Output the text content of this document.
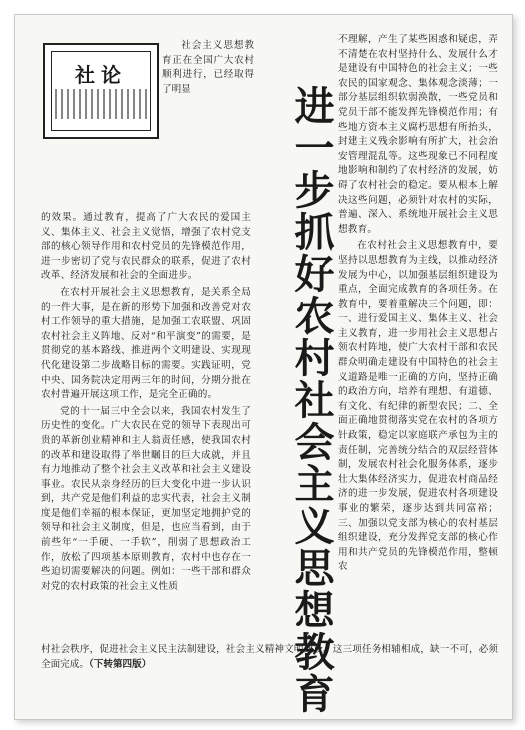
社论
社会主义思想教育正在全国广大农村顺利进行，已经取得了明显	进一步抓好农村社会主义思想教育

的效果。通过教育，提高了广大农民的爱国主义、集体主义、社会主义觉悟，增强了农村党支部的核心领导作用和农村党员的先锋模范作用，进一步密切了党与农民群众的联系，促进了农村改革、经济发展和社会的全面进步。

在农村开展社会主义思想教育，是关系全局的一件大事，是在新的形势下加强和改善党对农村工作领导的重大措施，是加强工农联盟、巩固农村社会主义阵地、反对“和平演变”的需要，是贯彻党的基本路线、推进两个文明建设、实现现代化建设第二步战略目标的需要。实践证明，党中央、国务院决定用两三年的时间，分期分批在农村普遍开展这项工作，是完全正确的。

党的十一届三中全会以来，我国农村发生了历史性的变化。广大农民在党的领导下表现出可贵的革新创业精神和主人翁责任感，使我国农村的改革和建设取得了举世瞩目的巨大成就，并且有力地推动了整个社会主义改革和社会主义建设事业。农民从亲身经历的巨大变化中进一步认识到，共产党是他们利益的忠实代表，社会主义制度是他们幸福的根本保证，更加坚定地拥护党的领导和社会主义制度，但是，也应当看到，由于前些年“一手硬、一手软”，削弱了思想政治工作，放松了四项基本原则教育，农村中也存在一些迫切需要解决的问题。例如：一些干部和群众对党的农村政策的社会主义性质

不理解，产生了某些困惑和疑虑，弄不清楚在农村坚持什么、发展什么才是建设有中国特色的社会主义；一些农民的国家观念、集体观念淡薄；一部分基层组织软弱涣散，一些党员和党员干部不能发挥先锋模范作用；有些地方资本主义腐朽思想有所抬头，封建主义残余影响有所扩大，社会治安管理混乱等。这些现象已不同程度地影响和制约了农村经济的发展，妨碍了农村社会的稳定。要从根本上解决这些问题，必须针对农村的实际，普遍、深入、系统地开展社会主义思想教育。

在农村社会主义思想教育中，要坚持以思想教育为主线，以推动经济发展为中心，以加强基层组织建设为重点，全面完成教育的各项任务。在教育中，要着重解决三个问题，即：一、进行爱国主义、集体主义、社会主义教育，进一步用社会主义思想占领农村阵地，使广大农村干部和农民群众明确走建设有中国特色的社会主义道路是唯一正确的方向，坚持正确的政治方向，培养有理想、有道德、有文化、有纪律的新型农民；二、全面正确地贯彻落实党在农村的各项方针政策，稳定以家庭联产承包为主的责任制，完善统分结合的双层经营体制，发展农村社会化服务体系，逐步壮大集体经济实力，促进农村商品经济的进一步发展，促进农村各项建设事业的繁荣，逐步达到共同富裕；三、加强以党支部为核心的农村基层组织建设，充分发挥党支部的核心作用和共产党员的先锋模范作用，整顿农

村社会秩序，促进社会主义民主法制建设，社会主义精神文明建设。这三项任务相辅相成，缺一不可，必须全面完成。（下转第四版）
